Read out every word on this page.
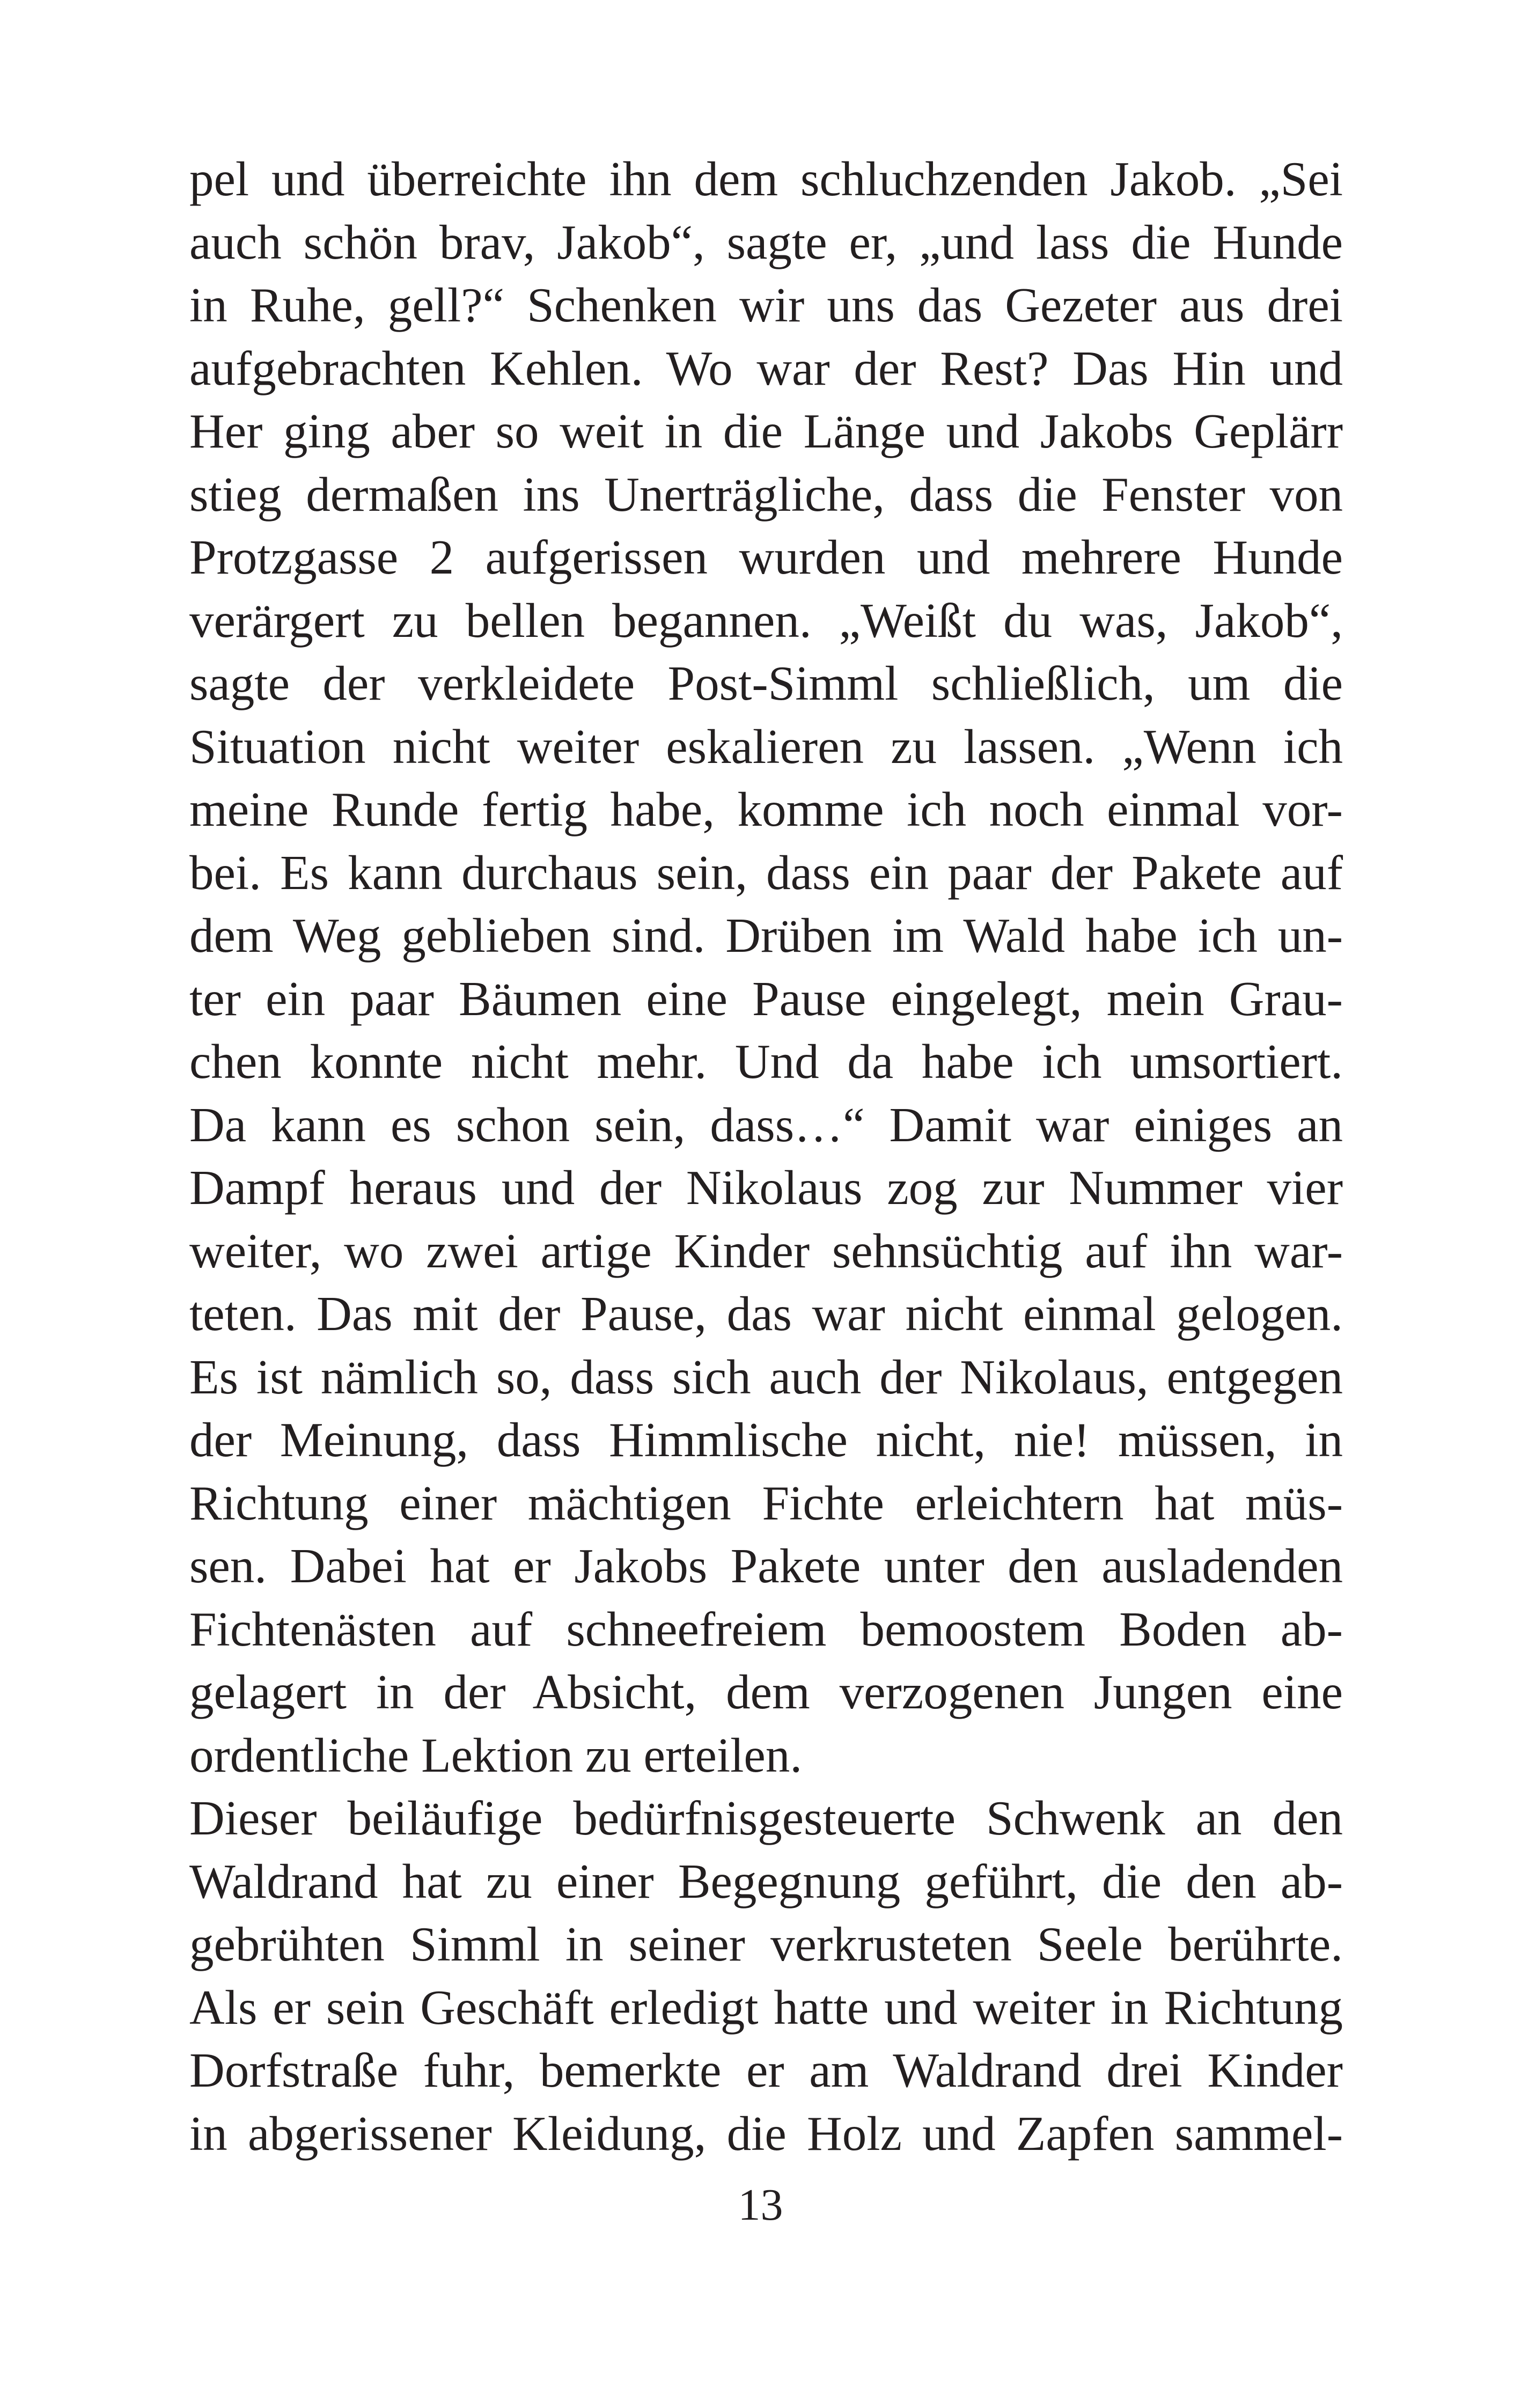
pel und überreichte ihn dem schluchzenden Jakob. „Sei
auch schön brav, Jakob“, sagte er, „und lass die Hunde
in Ruhe, gell?“ Schenken wir uns das Gezeter aus drei
aufgebrachten Kehlen. Wo war der Rest? Das Hin und
Her ging aber so weit in die Länge und Jakobs Geplärr
stieg dermaßen ins Unerträgliche, dass die Fenster von
Protzgasse 2 aufgerissen wurden und mehrere Hunde
verärgert zu bellen begannen. „Weißt du was, Jakob“,
sagte der verkleidete Post-Simml schließlich, um die
Situation nicht weiter eskalieren zu lassen. „Wenn ich
meine Runde fertig habe, komme ich noch einmal vor-
bei. Es kann durchaus sein, dass ein paar der Pakete auf
dem Weg geblieben sind. Drüben im Wald habe ich un-
ter ein paar Bäumen eine Pause eingelegt, mein Grau-
chen konnte nicht mehr. Und da habe ich umsortiert.
Da kann es schon sein, dass…“ Damit war einiges an
Dampf heraus und der Nikolaus zog zur Nummer vier
weiter, wo zwei artige Kinder sehnsüchtig auf ihn war-
teten. Das mit der Pause, das war nicht einmal gelogen.
Es ist nämlich so, dass sich auch der Nikolaus, entgegen
der Meinung, dass Himmlische nicht, nie! müssen, in
Richtung einer mächtigen Fichte erleichtern hat müs-
sen. Dabei hat er Jakobs Pakete unter den ausladenden
Fichtenästen auf schneefreiem bemoostem Boden ab-
gelagert in der Absicht, dem verzogenen Jungen eine
ordentliche Lektion zu erteilen.
Dieser beiläufige bedürfnisgesteuerte Schwenk an den
Waldrand hat zu einer Begegnung geführt, die den ab-
gebrühten Simml in seiner verkrusteten Seele berührte.
Als er sein Geschäft erledigt hatte und weiter in Richtung
Dorfstraße fuhr, bemerkte er am Waldrand drei Kinder
in abgerissener Kleidung, die Holz und Zapfen sammel-
13
